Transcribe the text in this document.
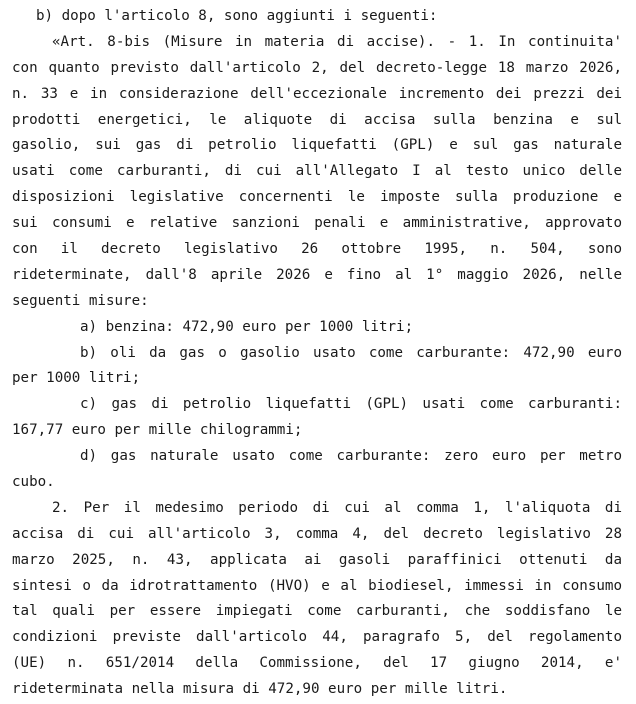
b) dopo l'articolo 8, sono aggiunti i seguenti:
«Art. 8-bis (Misure in materia di accise). - 1. In continuita'
con quanto previsto dall'articolo 2, del decreto-legge 18 marzo 2026,
n. 33 e in considerazione dell'eccezionale incremento dei prezzi dei
prodotti energetici, le aliquote di accisa sulla benzina e sul
gasolio, sui gas di petrolio liquefatti (GPL) e sul gas naturale
usati come carburanti, di cui all'Allegato I al testo unico delle
disposizioni legislative concernenti le imposte sulla produzione e
sui consumi e relative sanzioni penali e amministrative, approvato
con il decreto legislativo 26 ottobre 1995, n. 504, sono
rideterminate, dall'8 aprile 2026 e fino al 1° maggio 2026, nelle
seguenti misure:
a) benzina: 472,90 euro per 1000 litri;
b) oli da gas o gasolio usato come carburante: 472,90 euro
per 1000 litri;
c) gas di petrolio liquefatti (GPL) usati come carburanti:
167,77 euro per mille chilogrammi;
d) gas naturale usato come carburante: zero euro per metro
cubo.
2. Per il medesimo periodo di cui al comma 1, l'aliquota di
accisa di cui all'articolo 3, comma 4, del decreto legislativo 28
marzo 2025, n. 43, applicata ai gasoli paraffinici ottenuti da
sintesi o da idrotrattamento (HVO) e al biodiesel, immessi in consumo
tal quali per essere impiegati come carburanti, che soddisfano le
condizioni previste dall'articolo 44, paragrafo 5, del regolamento
(UE) n. 651/2014 della Commissione, del 17 giugno 2014, e'
rideterminata nella misura di 472,90 euro per mille litri.
